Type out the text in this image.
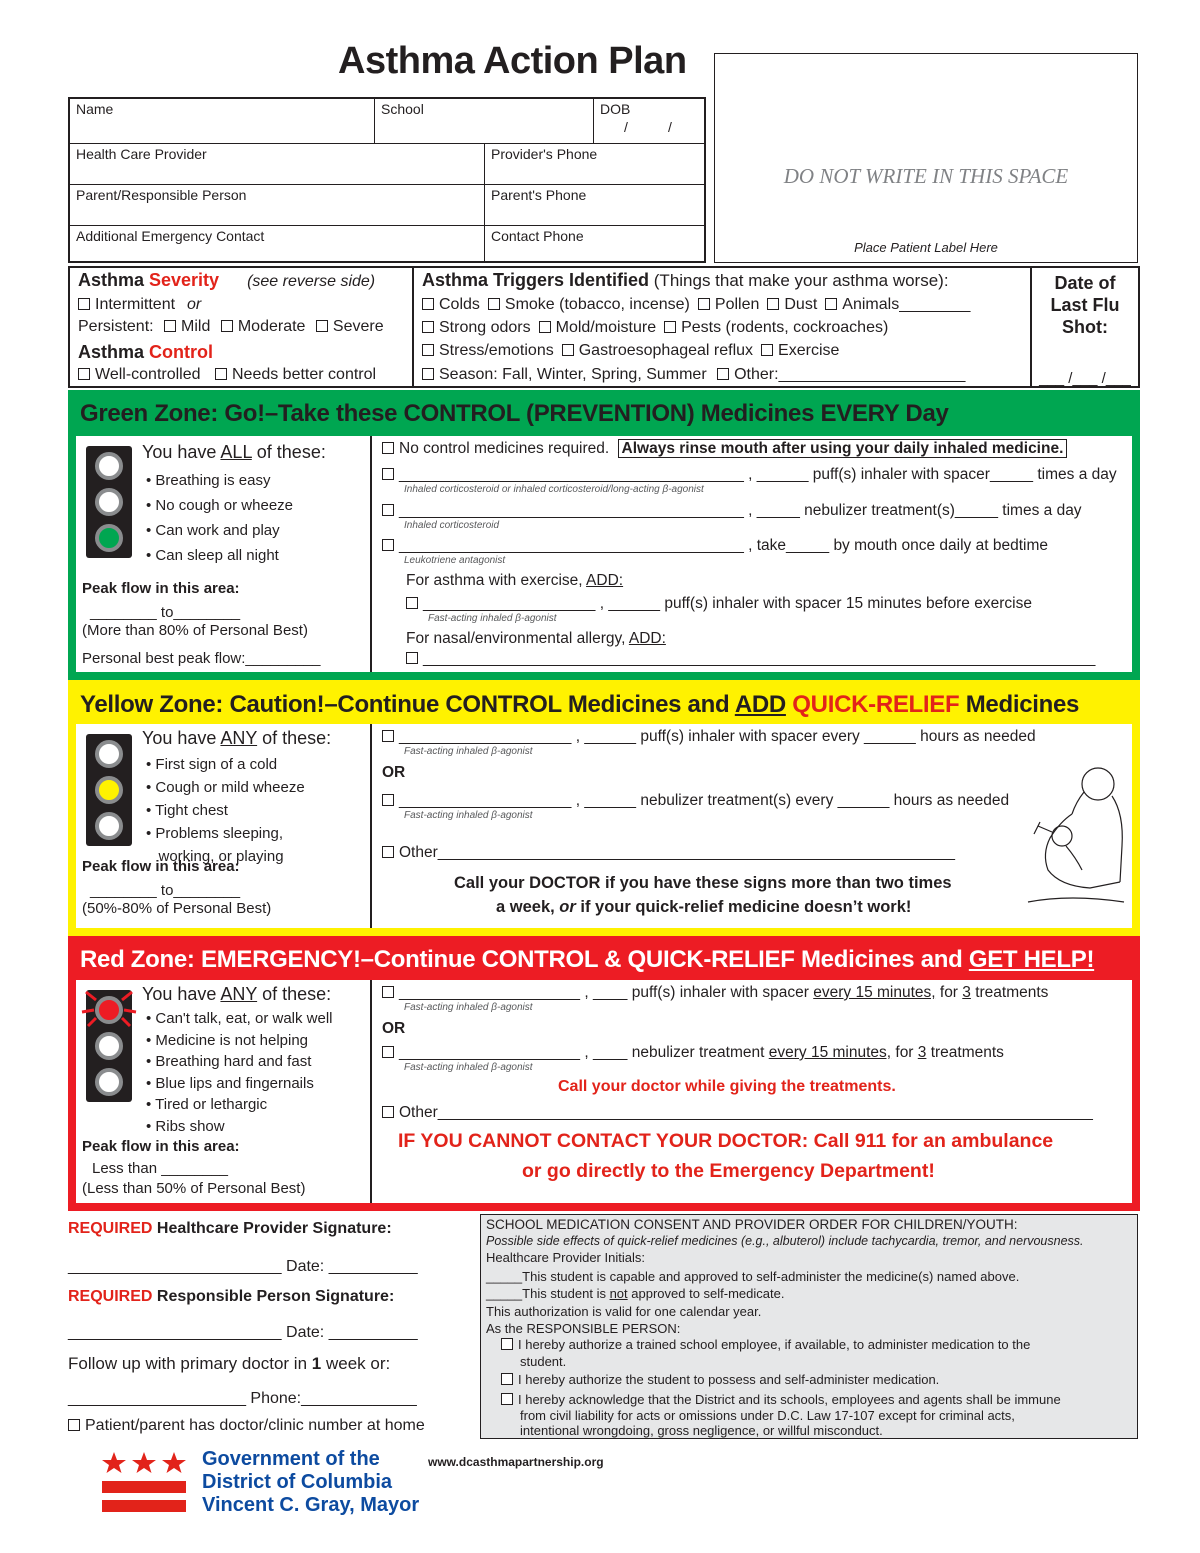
Asthma Action Plan
Name	School	DOB
/	/
Health Care Provider	Provider's Phone
Parent/Responsible Person	Parent's Phone
Additional Emergency Contact	Contact Phone
DO NOT WRITE IN THIS SPACE
Place Patient Label Here
Asthma Severity (see reverse side)
Intermittent or
Persistent: Mild Moderate Severe
Asthma Control
Well-controlled Needs better control
Asthma Triggers Identified (Things that make your asthma worse):
Colds Smoke (tobacco, incense) Pollen Dust Animals________
Strong odors Mold/moisture Pests (rodents, cockroaches)
Stress/emotions Gastroesophageal reflux Exercise
Season: Fall, Winter, Spring, Summer Other:_____________________
Date of
Last Flu
Shot:
___ /___ /___
Green Zone: Go!–Take these CONTROL (PREVENTION) Medicines EVERY Day
You have ALL of these:
• Breathing is easy
• No cough or wheeze
• Can work and play
• Can sleep all night
Peak flow in this area:
________ to________
(More than 80% of Personal Best)
Personal best peak flow:_________
No control medicines required. Always rinse mouth after using your daily inhaled medicine.
________________________________________ , ______ puff(s) inhaler with spacer_____ times a day
Inhaled corticosteroid or inhaled corticosteroid/long-acting β-agonist
________________________________________ , _____ nebulizer treatment(s)_____ times a day
Inhaled corticosteroid
________________________________________ , take_____ by mouth once daily at bedtime
Leukotriene antagonist
For asthma with exercise, ADD:
____________________ , ______ puff(s) inhaler with spacer 15 minutes before exercise
Fast-acting inhaled β-agonist
For nasal/environmental allergy, ADD:
______________________________________________________________________________
Yellow Zone: Caution!–Continue CONTROL Medicines and ADD QUICK-RELIEF Medicines
You have ANY of these:
• First sign of a cold
• Cough or mild wheeze
• Tight chest
• Problems sleeping,
working, or playing
Peak flow in this area:
________ to________
(50%-80% of Personal Best)
____________________ , ______ puff(s) inhaler with spacer every ______ hours as needed
Fast-acting inhaled β-agonist
OR
____________________ , ______ nebulizer treatment(s) every ______ hours as needed
Fast-acting inhaled β-agonist
Other____________________________________________________________
Call your DOCTOR if you have these signs more than two times
a week, or if your quick-relief medicine doesn’t work!
Red Zone: EMERGENCY!–Continue CONTROL & QUICK-RELIEF Medicines and GET HELP!
You have ANY of these:
• Can't talk, eat, or walk well
• Medicine is not helping
• Breathing hard and fast
• Blue lips and fingernails
• Tired or lethargic
• Ribs show
Peak flow in this area:
Less than ________
(Less than 50% of Personal Best)
_____________________ , ____ puff(s) inhaler with spacer every 15 minutes, for 3 treatments
Fast-acting inhaled β-agonist
OR
_____________________ , ____ nebulizer treatment every 15 minutes, for 3 treatments
Fast-acting inhaled β-agonist
Call your doctor while giving the treatments.
Other____________________________________________________________________________
IF YOU CANNOT CONTACT YOUR DOCTOR: Call 911 for an ambulance
or go directly to the Emergency Department!
REQUIRED Healthcare Provider Signature:
________________________ Date: __________
REQUIRED Responsible Person Signature:
________________________ Date: __________
Follow up with primary doctor in 1 week or:
____________________ Phone:_____________
Patient/parent has doctor/clinic number at home
SCHOOL MEDICATION CONSENT AND PROVIDER ORDER FOR CHILDREN/YOUTH:
Possible side effects of quick-relief medicines (e.g., albuterol) include tachycardia, tremor, and nervousness.
Healthcare Provider Initials:
_____This student is capable and approved to self-administer the medicine(s) named above.
_____This student is not approved to self-medicate.
This authorization is valid for one calendar year.
As the RESPONSIBLE PERSON:
I hereby authorize a trained school employee, if available, to administer medication to the
student.
I hereby authorize the student to possess and self-administer medication.
I hereby acknowledge that the District and its schools, employees and agents shall be immune
from civil liability for acts or omissions under D.C. Law 17-107 except for criminal acts,
intentional wrongdoing, gross negligence, or willful misconduct.
Government of the
District of Columbia
Vincent C. Gray, Mayor
www.dcasthmapartnership.org
